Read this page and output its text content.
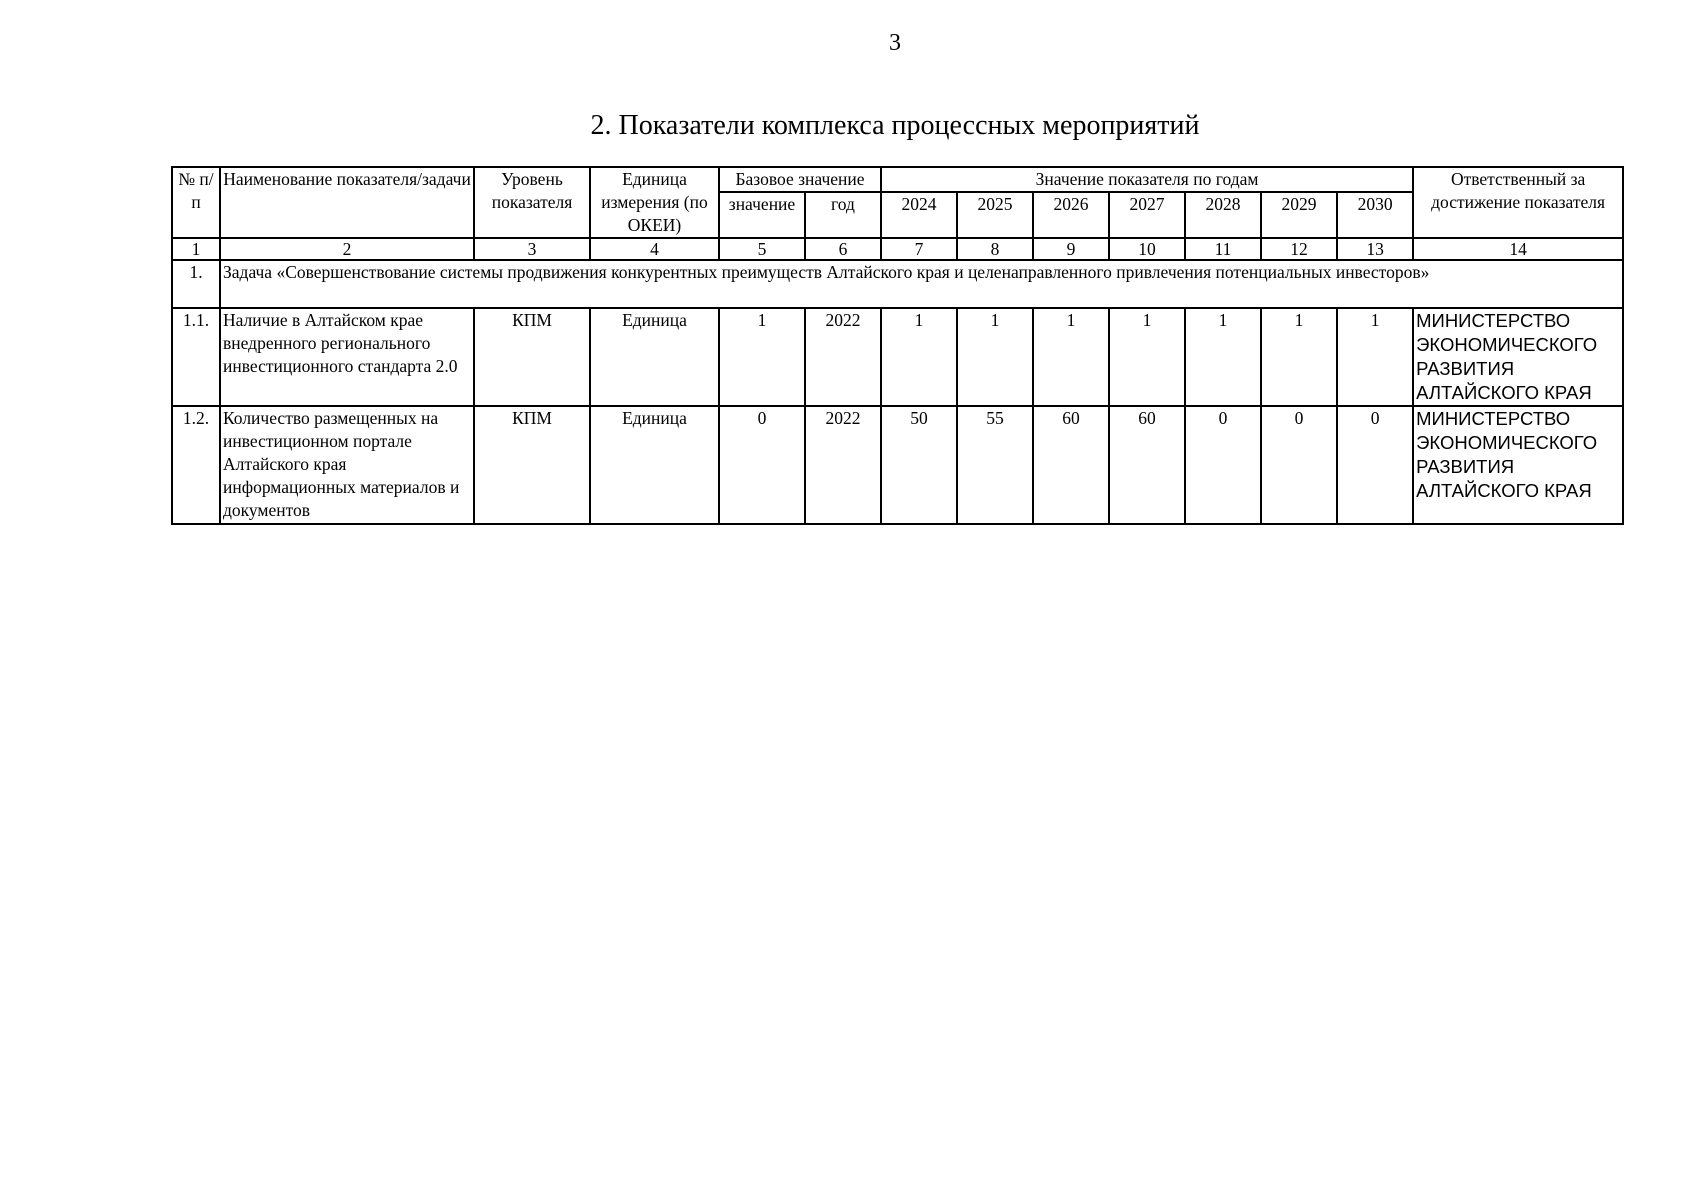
3
2. Показатели комплекса процессных мероприятий
№ п/п	Наименование показателя/задачи	Уровень показателя	Единица измерения (по ОКЕИ)	Базовое значение		Значение показателя по годам							Ответственный за достижение показателя
				значение	год	2024	2025	2026	2027	2028	2029	2030	
1	2	3	4	5	6	7	8	9	10	11	12	13	14
1.	Задача «Совершенствование системы продвижения конкурентных преимуществ Алтайского края и целенаправленного привлечения потенциальных инвесторов»												
1.1.	Наличие в Алтайском крае внедренного регионального инвестиционного стандарта 2.0	КПМ	Единица	1	2022	1	1	1	1	1	1	1	МИНИСТЕРСТВО ЭКОНОМИЧЕСКОГО РАЗВИТИЯ АЛТАЙСКОГО КРАЯ
1.2.	Количество размещенных на инвестиционном портале Алтайского края информационных материалов и документов	КПМ	Единица	0	2022	50	55	60	60	0	0	0	МИНИСТЕРСТВО ЭКОНОМИЧЕСКОГО РАЗВИТИЯ АЛТАЙСКОГО КРАЯ
